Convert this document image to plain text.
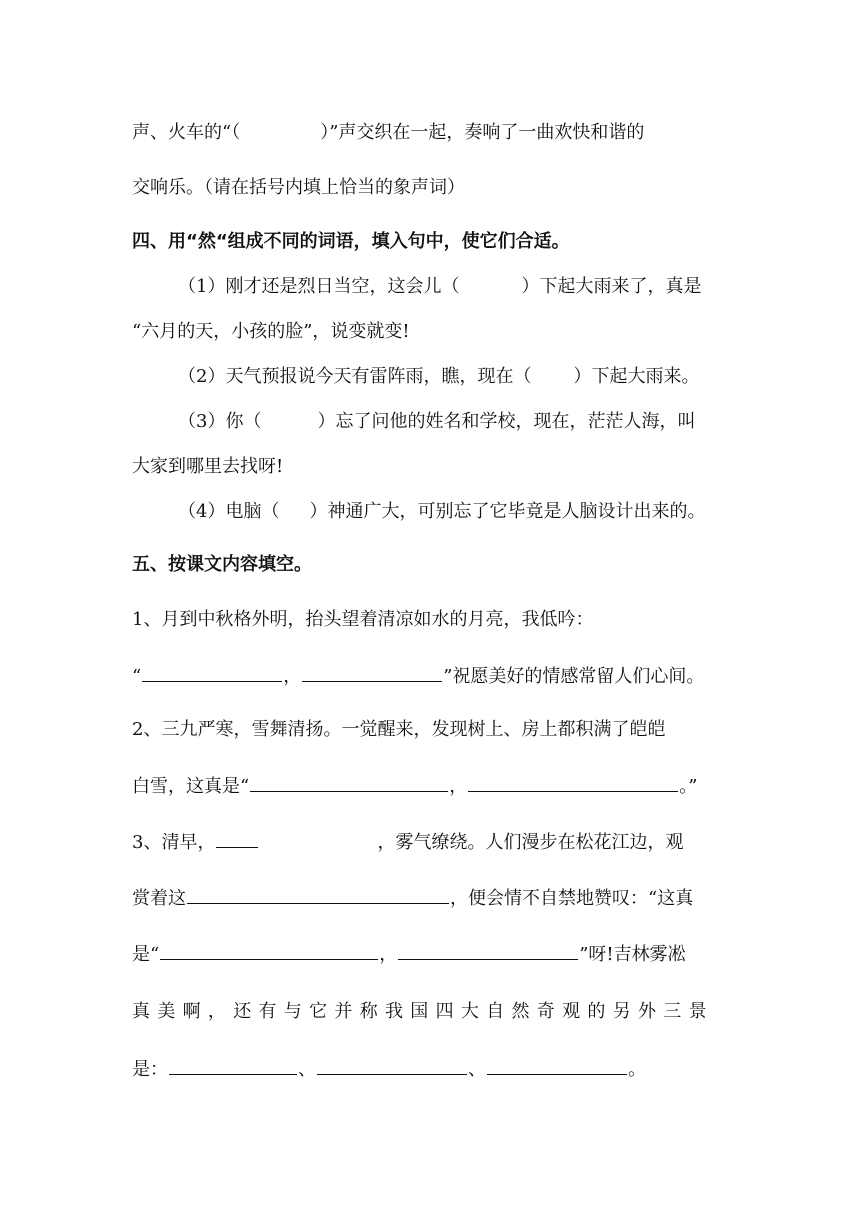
声、火车的“（	）”声交织在一起，奏响了一曲欢快和谐的
交响乐。（请在括号内填上恰当的象声词）
四、用“然“组成不同的词语，填入句中，使它们合适。
（1）刚才还是烈日当空，这会儿（	）下起大雨来了，真是
“六月的天，小孩的脸”，说变就变!
（2）天气预报说今天有雷阵雨，瞧，现在（ ）下起大雨来。
（3）你（	）忘了问他的姓名和学校，现在，茫茫人海，叫
大家到哪里去找呀!
（4）电脑（ ）神通广大，可别忘了它毕竟是人脑设计出来的。
五、按课文内容填空。
1、月到中秋格外明，抬头望着清凉如水的月亮，我低吟：
“	，	”祝愿美好的情感常留人们心间。
2、三九严寒，雪舞清扬。一觉醒来，发现树上、房上都积满了皑皑
白雪，这真是“	，	。”
3、清早，	，雾气缭绕。人们漫步在松花江边，观
赏着这	，便会情不自禁地赞叹：“这真
是“	，	”呀!吉林雾凇
真美啊，还有与它并称我国四大自然奇观的另外三景
是：	、	、	。
